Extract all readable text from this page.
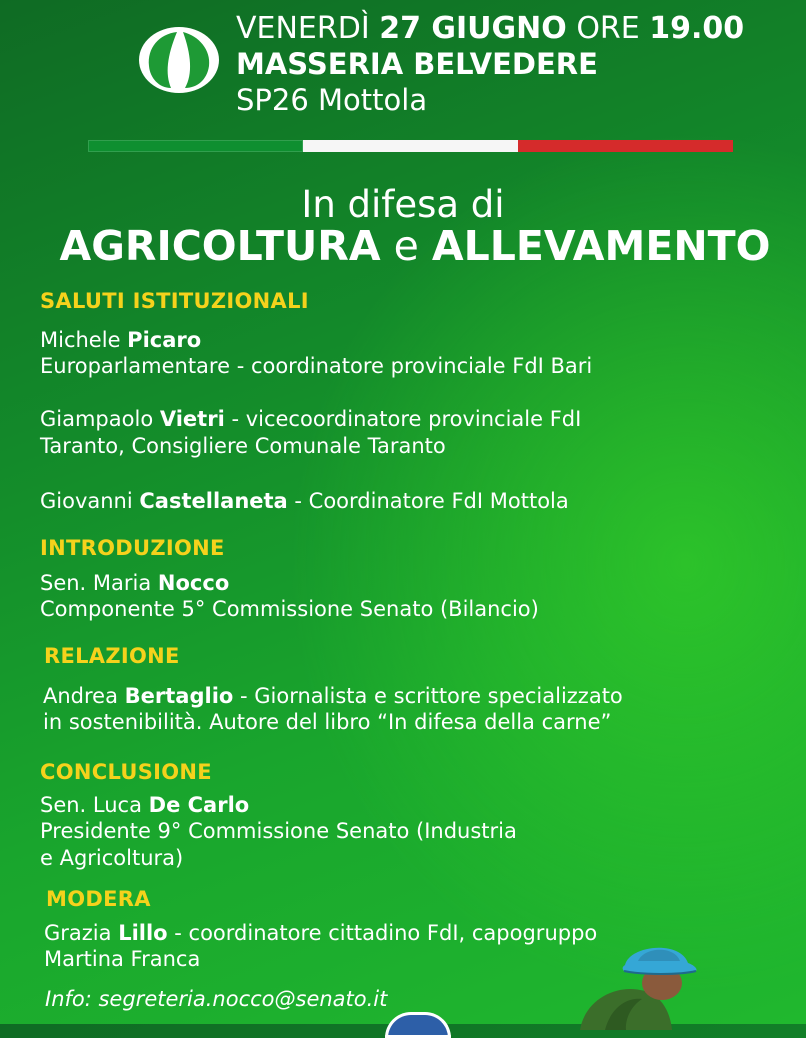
VENERDÌ 27 GIUGNO ORE 19.00
MASSERIA BELVEDERE
SP26 Mottola
In difesa di
AGRICOLTURA e ALLEVAMENTO
SALUTI ISTITUZIONALI
Michele Picaro
Europarlamentare - coordinatore provinciale FdI Bari
Giampaolo Vietri - vicecoordinatore provinciale FdI
Taranto, Consigliere Comunale Taranto
Giovanni Castellaneta - Coordinatore FdI Mottola
INTRODUZIONE
Sen. Maria Nocco
Componente 5° Commissione Senato (Bilancio)
RELAZIONE
Andrea Bertaglio - Giornalista e scrittore specializzato
in sostenibilità. Autore del libro “In difesa della carne”
CONCLUSIONE
Sen. Luca De Carlo
Presidente 9° Commissione Senato (Industria
e Agricoltura)
MODERA
Grazia Lillo - coordinatore cittadino FdI, capogruppo
Martina Franca
Info: segreteria.nocco@senato.it
